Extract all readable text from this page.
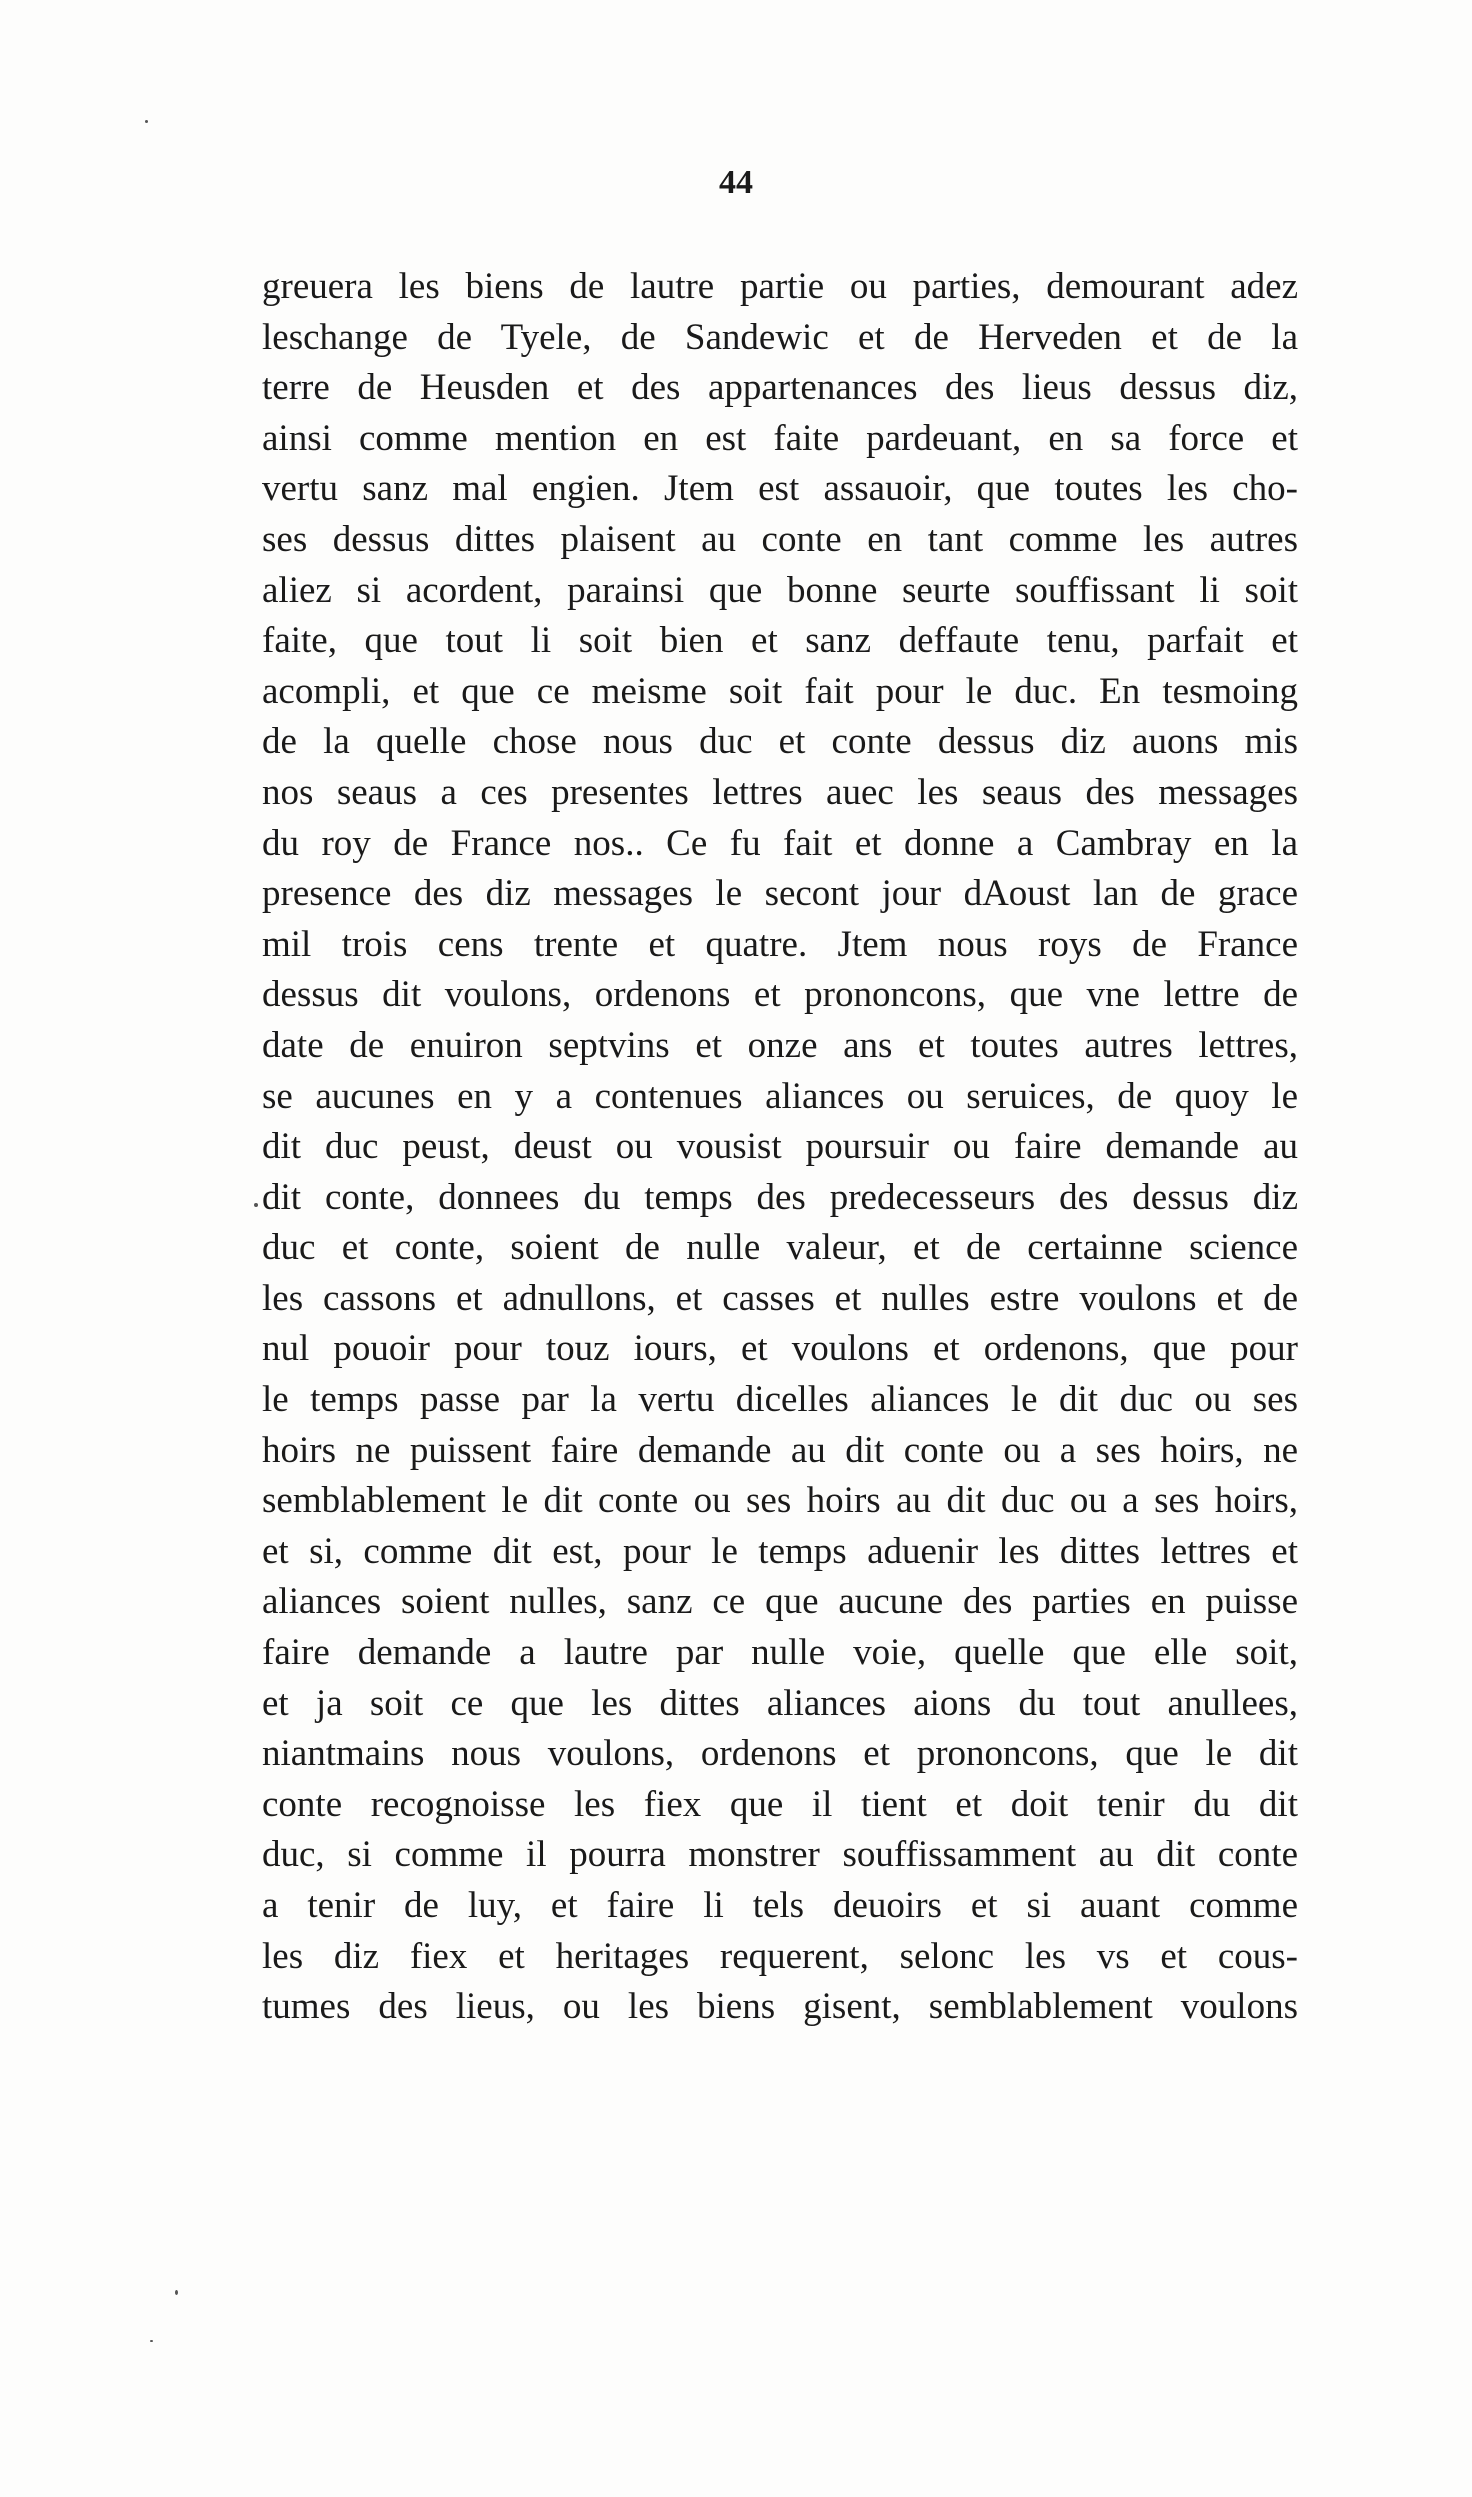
44
greuera les biens de lautre partie ou parties, demourant adez
leschange de Tyele, de Sandewic et de Herveden et de la
terre de Heusden et des appartenances des lieus dessus diz,
ainsi comme mention en est faite pardeuant, en sa force et
vertu sanz mal engien. Jtem est assauoir, que toutes les cho-
ses dessus dittes plaisent au conte en tant comme les autres
aliez si acordent, parainsi que bonne seurte souffissant li soit
faite, que tout li soit bien et sanz deffaute tenu, parfait et
acompli, et que ce meisme soit fait pour le duc. En tesmoing
de la quelle chose nous duc et conte dessus diz auons mis
nos seaus a ces presentes lettres auec les seaus des messages
du roy de France nos.. Ce fu fait et donne a Cambray en la
presence des diz messages le secont jour dAoust lan de grace
mil trois cens trente et quatre. Jtem nous roys de France
dessus dit voulons, ordenons et prononcons, que vne lettre de
date de enuiron septvins et onze ans et toutes autres lettres,
se aucunes en y a contenues aliances ou seruices, de quoy le
dit duc peust, deust ou vousist poursuir ou faire demande au
dit conte, donnees du temps des predecesseurs des dessus diz
duc et conte, soient de nulle valeur, et de certainne science
les cassons et adnullons, et casses et nulles estre voulons et de
nul pouoir pour touz iours, et voulons et ordenons, que pour
le temps passe par la vertu dicelles aliances le dit duc ou ses
hoirs ne puissent faire demande au dit conte ou a ses hoirs, ne
semblablement le dit conte ou ses hoirs au dit duc ou a ses hoirs,
et si, comme dit est, pour le temps aduenir les dittes lettres et
aliances soient nulles, sanz ce que aucune des parties en puisse
faire demande a lautre par nulle voie, quelle que elle soit,
et ja soit ce que les dittes aliances aions du tout anullees,
niantmains nous voulons, ordenons et prononcons, que le dit
conte recognoisse les fiex que il tient et doit tenir du dit
duc, si comme il pourra monstrer souffissamment au dit conte
a tenir de luy, et faire li tels deuoirs et si auant comme
les diz fiex et heritages requerent, selonc les vs et cous-
tumes des lieus, ou les biens gisent, semblablement voulons
